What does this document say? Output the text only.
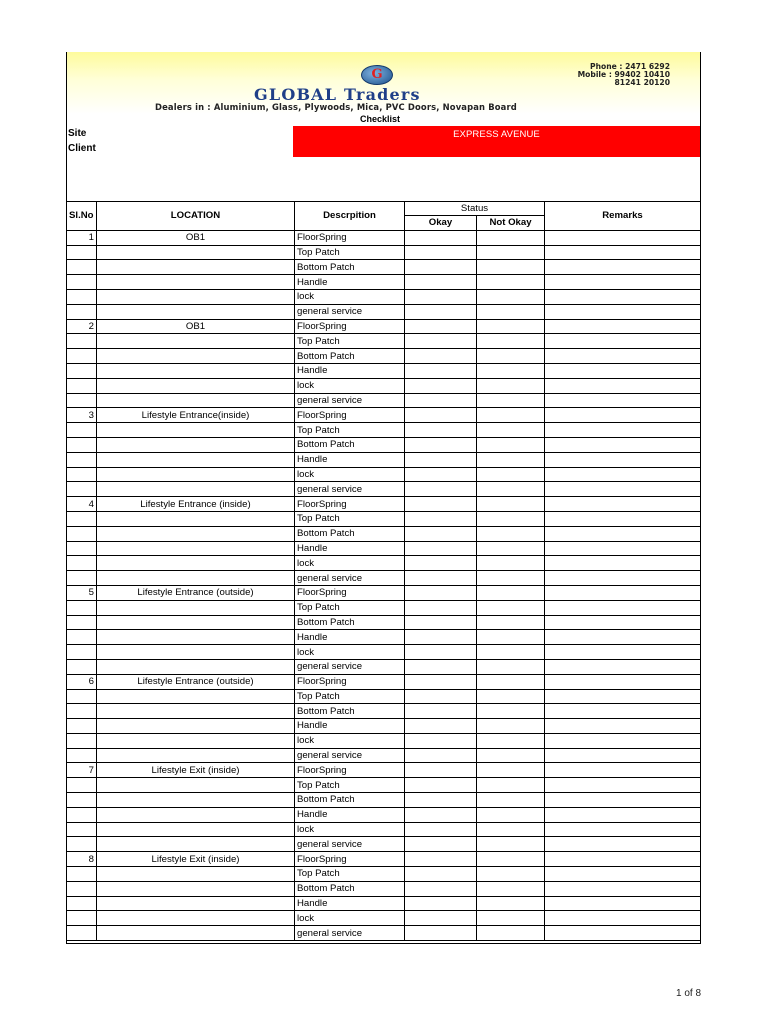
G
GLOBAL Traders
Dealers in : Aluminium, Glass, Plywoods, Mica, PVC Doors, Novapan Board
Phone : 2471 6292
Mobile : 99402 10410
81241 20120
Checklist
Site
Client
EXPRESS AVENUE
Sl.No	LOCATION	Descrpition	Status		Remarks
			Okay	Not Okay	
1	OB1	FloorSpring			
		Top Patch			
		Bottom Patch			
		Handle			
		lock			
		general service			
2	OB1	FloorSpring			
		Top Patch			
		Bottom Patch			
		Handle			
		lock			
		general service			
3	Lifestyle Entrance(inside)	FloorSpring			
		Top Patch			
		Bottom Patch			
		Handle			
		lock			
		general service			
4	Lifestyle Entrance (inside)	FloorSpring			
		Top Patch			
		Bottom Patch			
		Handle			
		lock			
		general service			
5	Lifestyle Entrance (outside)	FloorSpring			
		Top Patch			
		Bottom Patch			
		Handle			
		lock			
		general service			
6	Lifestyle Entrance (outside)	FloorSpring			
		Top Patch			
		Bottom Patch			
		Handle			
		lock			
		general service			
7	Lifestyle Exit (inside)	FloorSpring			
		Top Patch			
		Bottom Patch			
		Handle			
		lock			
		general service			
8	Lifestyle Exit (inside)	FloorSpring			
		Top Patch			
		Bottom Patch			
		Handle			
		lock			
		general service			
1 of 8
